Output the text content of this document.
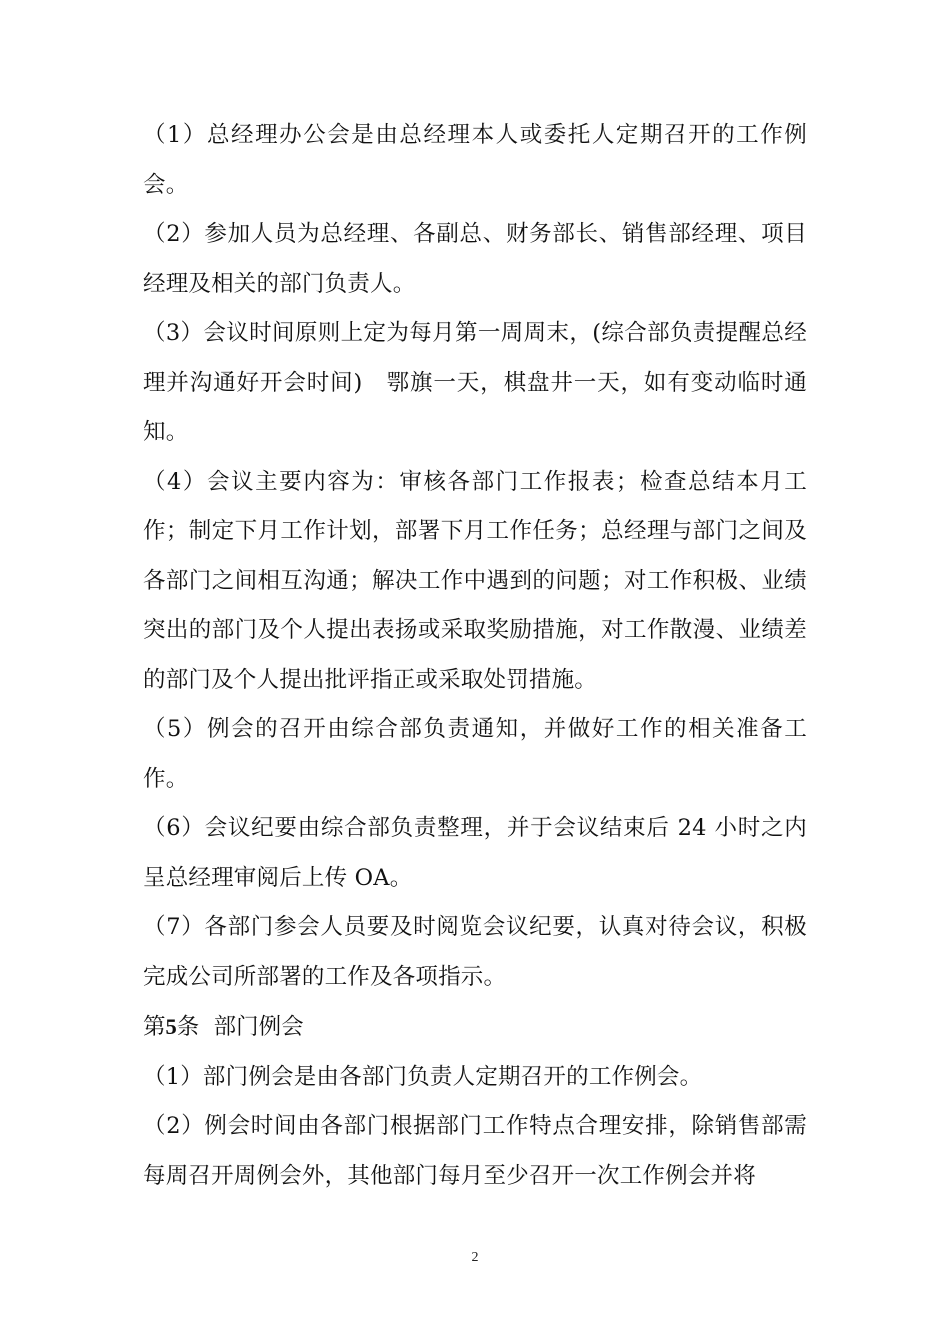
（1）总经理办公会是由总经理本人或委托人定期召开的工作例会。

（2）参加人员为总经理、各副总、财务部长、销售部经理、项目经理及相关的部门负责人。

（3）会议时间原则上定为每月第一周周末，(综合部负责提醒总经理并沟通好开会时间)　鄂旗一天，棋盘井一天，如有变动临时通知。

（4）会议主要内容为：审核各部门工作报表；检查总结本月工作；制定下月工作计划，部署下月工作任务；总经理与部门之间及各部门之间相互沟通；解决工作中遇到的问题；对工作积极、业绩突出的部门及个人提出表扬或采取奖励措施，对工作散漫、业绩差的部门及个人提出批评指正或采取处罚措施。

（5）例会的召开由综合部负责通知，并做好工作的相关准备工作。

（6）会议纪要由综合部负责整理，并于会议结束后 24 小时之内呈总经理审阅后上传 OA。

（7）各部门参会人员要及时阅览会议纪要，认真对待会议，积极完成公司所部署的工作及各项指示。

第5条 部门例会

（1）部门例会是由各部门负责人定期召开的工作例会。

（2）例会时间由各部门根据部门工作特点合理安排，除销售部需每周召开周例会外，其他部门每月至少召开一次工作例会并将

2
